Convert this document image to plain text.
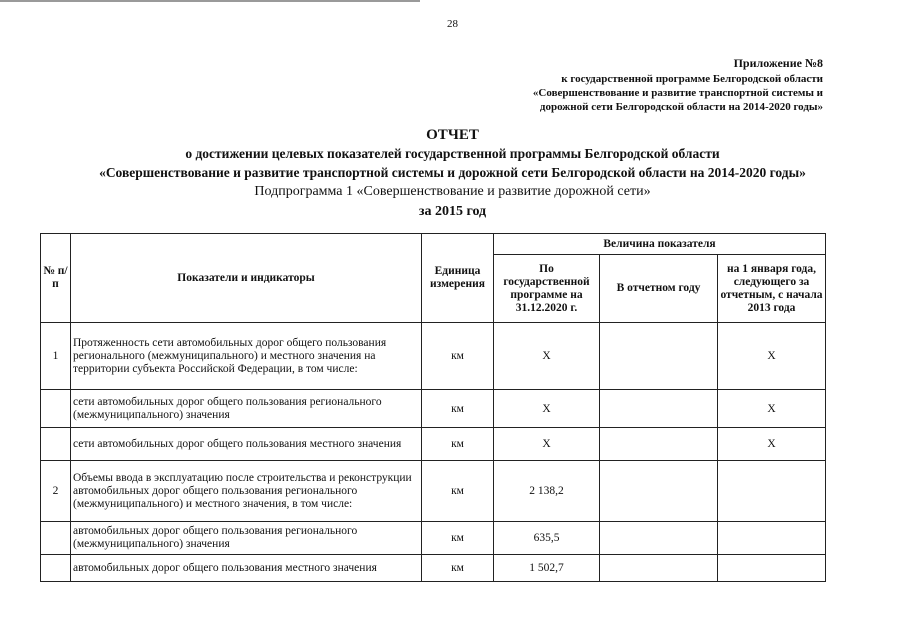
28
Приложение №8
к государственной программе Белгородской области
«Совершенствование и развитие транспортной системы и
дорожной сети Белгородской области на 2014-2020 годы»
ОТЧЕТ
о достижении целевых показателей государственной программы Белгородской области
«Совершенствование и развитие транспортной системы и дорожной сети Белгородской области на 2014-2020 годы»
Подпрограмма 1 «Совершенствование и развитие дорожной сети»
за 2015 год
№ п/п	Показатели и индикаторы	Единица измерения	Величина показателя		
			По государственной программе на 31.12.2020 г.	В отчетном году	на 1 января года, следующего за отчетным, с начала 2013 года
1	Протяженность сети автомобильных дорог общего пользования регионального (межмуниципального) и местного значения на территории субъекта Российской Федерации, в том числе:	км	X		X
	сети автомобильных дорог общего пользования регионального (межмуниципального) значения	км	X		X
	сети автомобильных дорог общего пользования местного значения	км	X		X
2	Объемы ввода в эксплуатацию после строительства и реконструкции автомобильных дорог общего пользования регионального (межмуниципального) и местного значения, в том числе:	км	2 138,2		
	автомобильных дорог общего пользования регионального (межмуниципального) значения	км	635,5		
	автомобильных дорог общего пользования местного значения	км	1 502,7		
